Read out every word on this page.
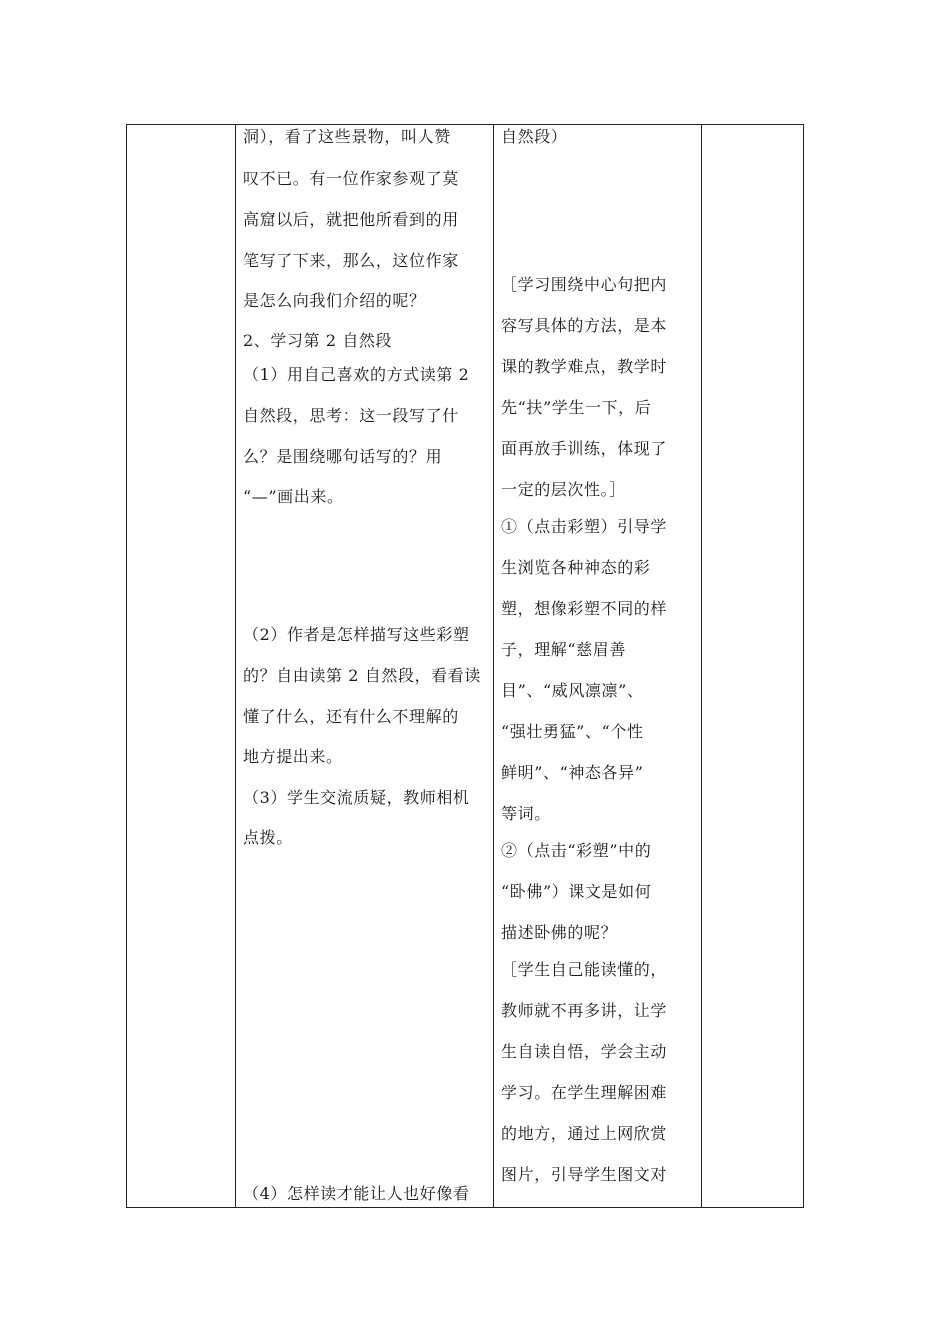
洞），看了这些景物，叫人赞
叹不已。有一位作家参观了莫
高窟以后，就把他所看到的用
笔写了下来，那么，这位作家
是怎么向我们介绍的呢？
2、学习第 2 自然段
（1）用自己喜欢的方式读第 2
自然段，思考：这一段写了什
么？是围绕哪句话写的？用
“—”画出来。
（2）作者是怎样描写这些彩塑
的？自由读第 2 自然段，看看读
懂了什么，还有什么不理解的
地方提出来。
（3）学生交流质疑，教师相机
点拨。
（4）怎样读才能让人也好像看
自然段）
［学习围绕中心句把内
容写具体的方法，是本
课的教学难点，教学时
先“扶”学生一下，后
面再放手训练，体现了
一定的层次性。］
①（点击彩塑）引导学
生浏览各种神态的彩
塑，想像彩塑不同的样
子，理解“慈眉善
目”、“威风凛凛”、
“强壮勇猛”、“个性
鲜明”、“神态各异”
等词。
②（点击“彩塑”中的
“卧佛”）课文是如何
描述卧佛的呢？
［学生自己能读懂的，
教师就不再多讲，让学
生自读自悟，学会主动
学习。在学生理解困难
的地方，通过上网欣赏
图片，引导学生图文对
